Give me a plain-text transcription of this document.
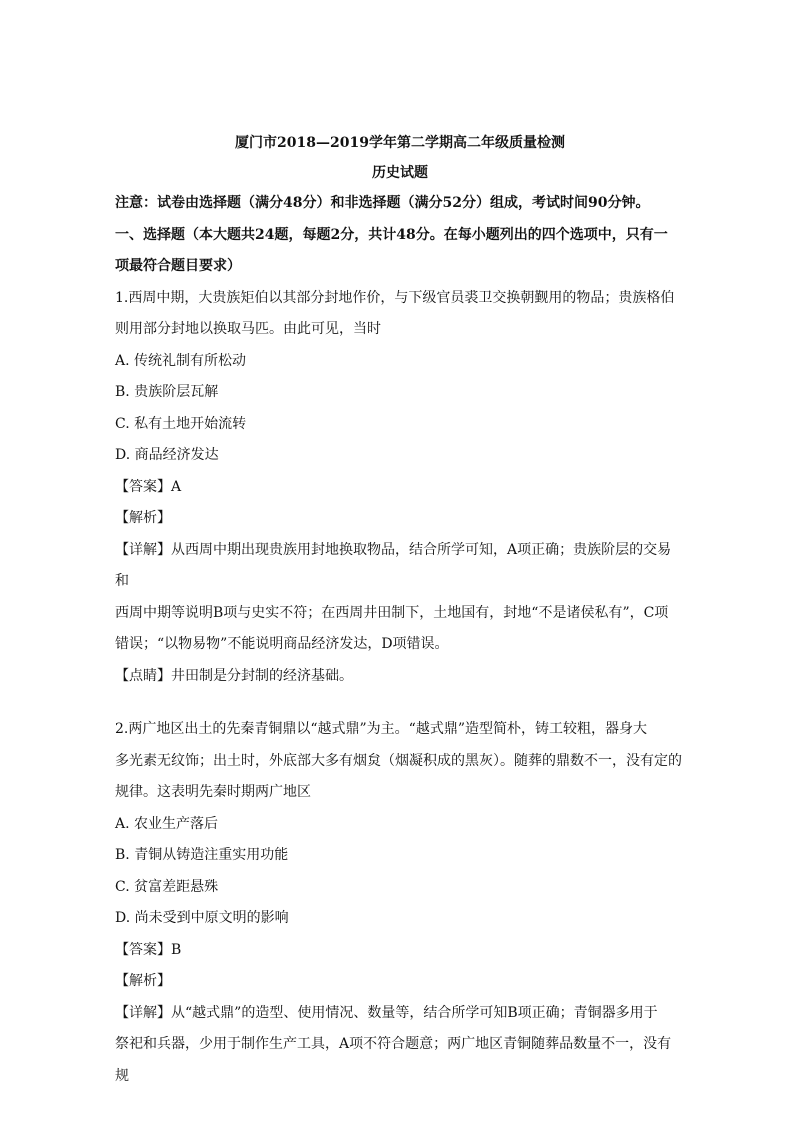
厦门市2018—2019学年第二学期高二年级质量检测

历史试题

注意：试卷由选择题（满分48分）和非选择题（满分52分）组成，考试时间90分钟。

一、选择题（本大题共24题，每题2分，共计48分。在每小题列出的四个选项中，只有一

项最符合题目要求）

1.西周中期，大贵族矩伯以其部分封地作价，与下级官员裘卫交换朝觐用的物品；贵族格伯

则用部分封地以换取马匹。由此可见，当时

A. 传统礼制有所松动

B. 贵族阶层瓦解

C. 私有土地开始流转

D. 商品经济发达

【答案】A

【解析】

【详解】从西周中期出现贵族用封地换取物品，结合所学可知，A项正确；贵族阶层的交易和

西周中期等说明B项与史实不符；在西周井田制下，土地国有，封地“不是诸侯私有”，C项

错误；“以物易物”不能说明商品经济发达，D项错误。

【点睛】井田制是分封制的经济基础。

2.两广地区出土的先秦青铜鼎以“越式鼎”为主。“越式鼎”造型简朴，铸工较粗，器身大

多光素无纹饰；出土时，外底部大多有烟炱（烟凝积成的黑灰）。随葬的鼎数不一，没有定的

规律。这表明先秦时期两广地区

A. 农业生产落后

B. 青铜从铸造注重实用功能

C. 贫富差距悬殊

D. 尚未受到中原文明的影响

【答案】B

【解析】

【详解】从“越式鼎”的造型、使用情况、数量等，结合所学可知B项正确；青铜器多用于

祭祀和兵器，少用于制作生产工具，A项不符合题意；两广地区青铜随葬品数量不一，没有规
